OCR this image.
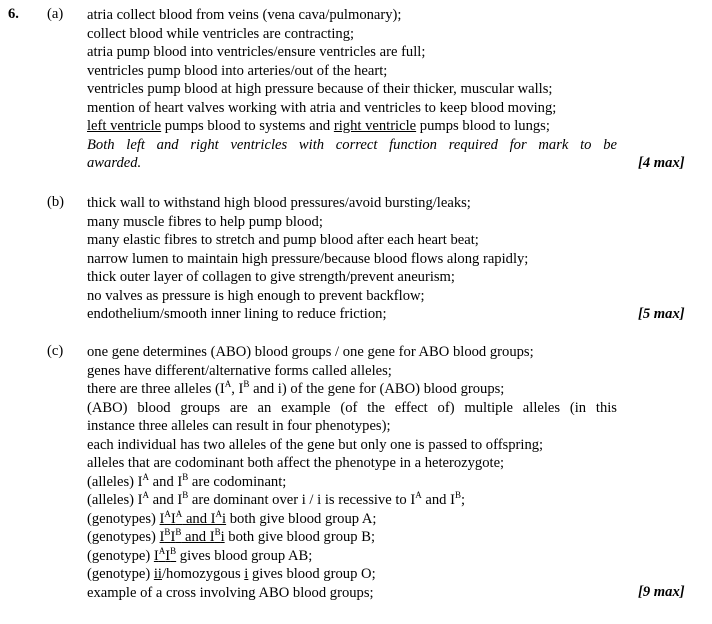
6. (a) atria collect blood from veins (vena cava/pulmonary);
collect blood while ventricles are contracting;
atria pump blood into ventricles/ensure ventricles are full;
ventricles pump blood into arteries/out of the heart;
ventricles pump blood at high pressure because of their thicker, muscular walls;
mention of heart valves working with atria and ventricles to keep blood moving;
left ventricle pumps blood to systems and right ventricle pumps blood to lungs;
Both left and right ventricles with correct function required for mark to be
awarded.	[4 max]
(b) thick wall to withstand high blood pressures/avoid bursting/leaks;
many muscle fibres to help pump blood;
many elastic fibres to stretch and pump blood after each heart beat;
narrow lumen to maintain high pressure/because blood flows along rapidly;
thick outer layer of collagen to give strength/prevent aneurism;
no valves as pressure is high enough to prevent backflow;
endothelium/smooth inner lining to reduce friction;	[5 max]
(c) one gene determines (ABO) blood groups / one gene for ABO blood groups;
genes have different/alternative forms called alleles;
there are three alleles ($I^A$, $I^B$ and i) of the gene for (ABO) blood groups;
(ABO) blood groups are an example (of the effect of) multiple alleles (in this
instance three alleles can result in four phenotypes);
each individual has two alleles of the gene but only one is passed to offspring;
alleles that are codominant both affect the phenotype in a heterozygote;
(alleles) $I^A$ and $I^B$ are codominant;
(alleles) $I^A$ and $I^B$ are dominant over i / i is recessive to $I^A$ and $I^B$;
(genotypes) $I^AI^A$ and $I^Ai$ both give blood group A;
(genotypes) $I^BI^B$ and $I^Bi$ both give blood group B;
(genotype) $I^AI^B$ gives blood group AB;
(genotype) ii/homozygous i gives blood group O;
example of a cross involving ABO blood groups;	[9 max]
